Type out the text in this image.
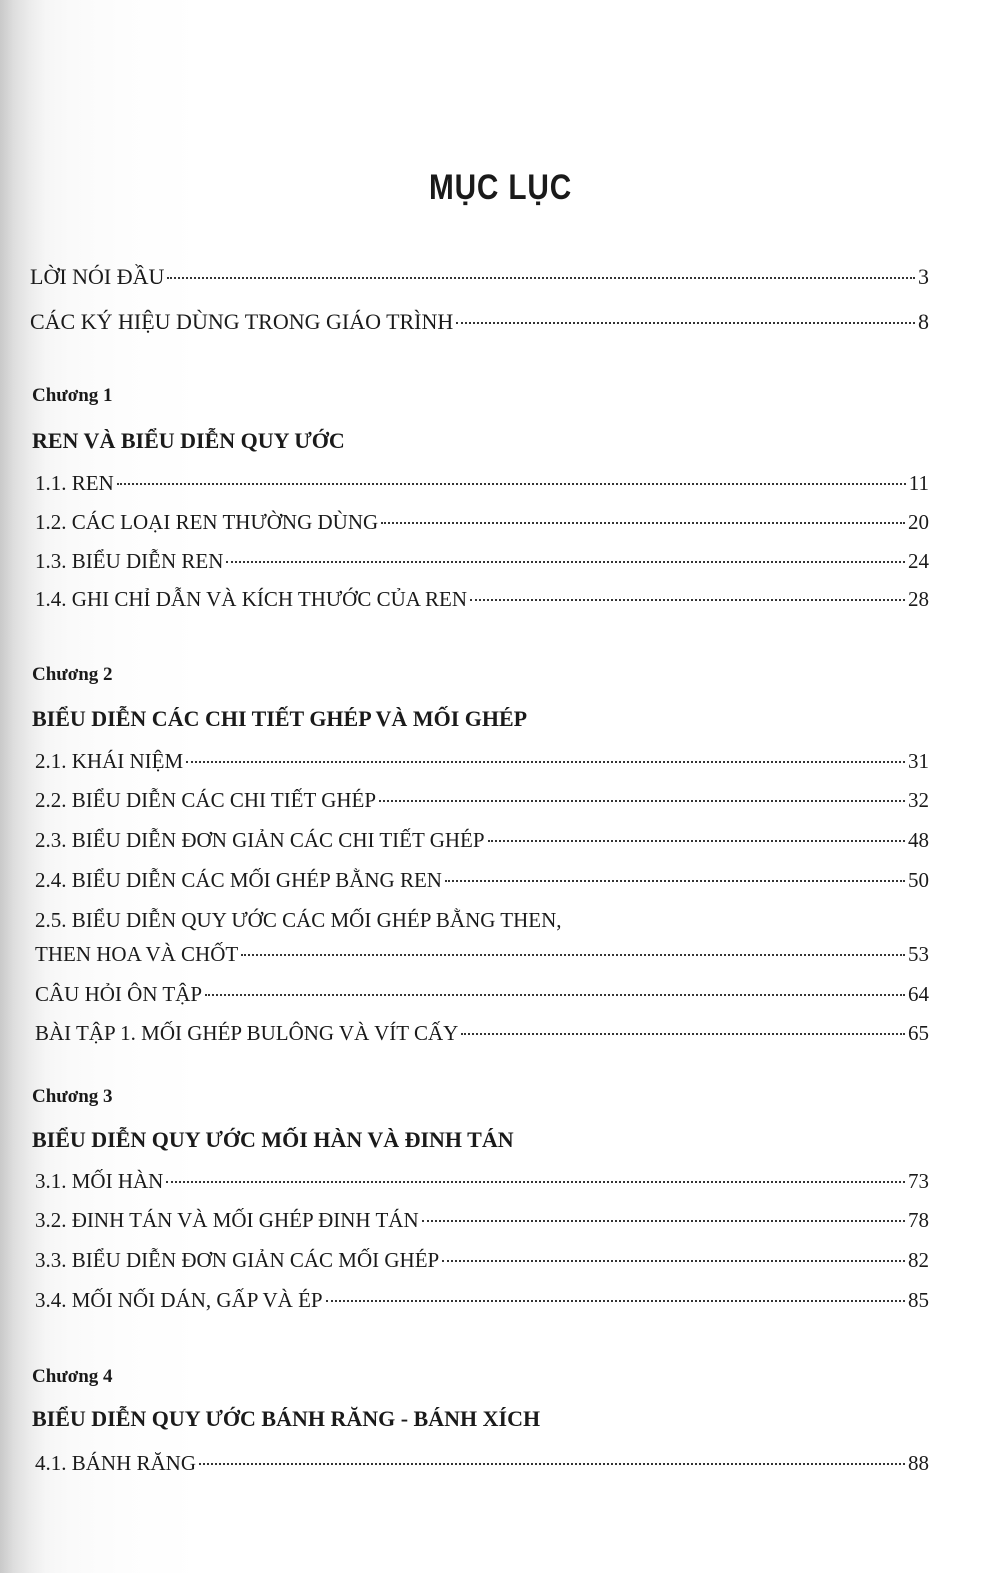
MỤC LỤC
LỜI NÓI ĐẦU	3
CÁC KÝ HIỆU DÙNG TRONG GIÁO TRÌNH	8
Chương 1
REN VÀ BIỂU DIỄN QUY ƯỚC
1.1. REN	11
1.2. CÁC LOẠI REN THƯỜNG DÙNG	20
1.3. BIỂU DIỄN REN	24
1.4. GHI CHỈ DẪN VÀ KÍCH THƯỚC CỦA REN	28
Chương 2
BIỂU DIỄN CÁC CHI TIẾT GHÉP VÀ MỐI GHÉP
2.1. KHÁI NIỆM	31
2.2. BIỂU DIỄN CÁC CHI TIẾT GHÉP	32
2.3. BIỂU DIỄN ĐƠN GIẢN CÁC CHI TIẾT GHÉP	48
2.4. BIỂU DIỄN CÁC MỐI GHÉP BẰNG REN	50
2.5. BIỂU DIỄN QUY ƯỚC CÁC MỐI GHÉP BẰNG THEN,
THEN HOA VÀ CHỐT	53
CÂU HỎI ÔN TẬP	64
BÀI TẬP 1. MỐI GHÉP BULÔNG VÀ VÍT CẤY	65
Chương 3
BIỂU DIỄN QUY ƯỚC MỐI HÀN VÀ ĐINH TÁN
3.1. MỐI HÀN	73
3.2. ĐINH TÁN VÀ MỐI GHÉP ĐINH TÁN	78
3.3. BIỂU DIỄN ĐƠN GIẢN CÁC MỐI GHÉP	82
3.4. MỐI NỐI DÁN, GẤP VÀ ÉP	85
Chương 4
BIỂU DIỄN QUY ƯỚC BÁNH RĂNG - BÁNH XÍCH
4.1. BÁNH RĂNG	88
